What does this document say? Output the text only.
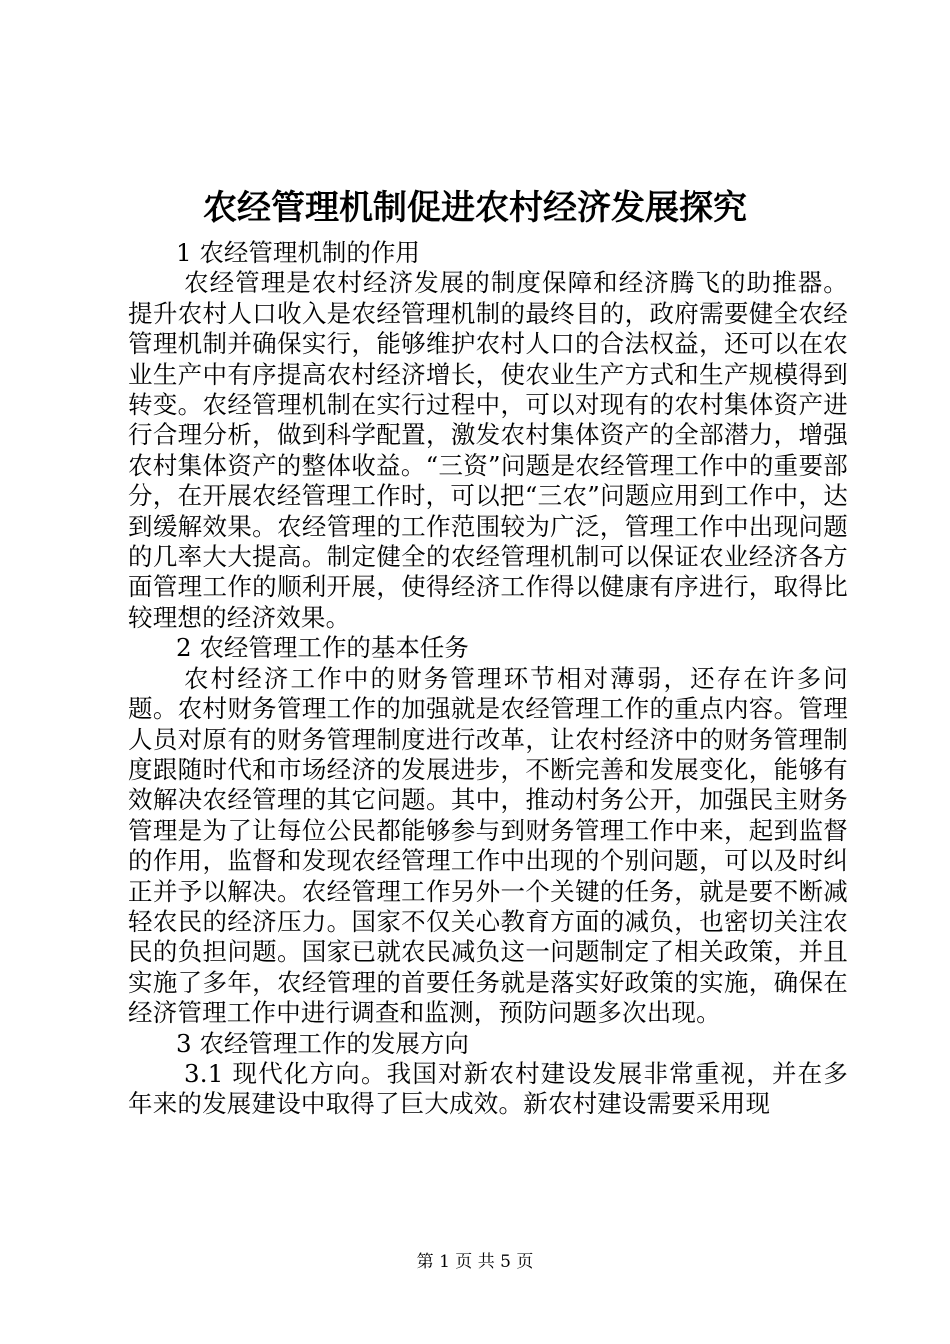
农经管理机制促进农村经济发展探究

1 农经管理机制的作用

农经管理是农村经济发展的制度保障和经济腾飞的助推器。提升农村人口收入是农经管理机制的最终目的，政府需要健全农经管理机制并确保实行，能够维护农村人口的合法权益，还可以在农业生产中有序提高农村经济增长，使农业生产方式和生产规模得到转变。农经管理机制在实行过程中，可以对现有的农村集体资产进行合理分析，做到科学配置，激发农村集体资产的全部潜力，增强农村集体资产的整体收益。“三资”问题是农经管理工作中的重要部分，在开展农经管理工作时，可以把“三农”问题应用到工作中，达到缓解效果。农经管理的工作范围较为广泛，管理工作中出现问题的几率大大提高。制定健全的农经管理机制可以保证农业经济各方面管理工作的顺利开展，使得经济工作得以健康有序进行，取得比较理想的经济效果。

2 农经管理工作的基本任务

农村经济工作中的财务管理环节相对薄弱，还存在许多问题。农村财务管理工作的加强就是农经管理工作的重点内容。管理人员对原有的财务管理制度进行改革，让农村经济中的财务管理制度跟随时代和市场经济的发展进步，不断完善和发展变化，能够有效解决农经管理的其它问题。其中，推动村务公开，加强民主财务管理是为了让每位公民都能够参与到财务管理工作中来，起到监督的作用，监督和发现农经管理工作中出现的个别问题，可以及时纠正并予以解决。农经管理工作另外一个关键的任务，就是要不断减轻农民的经济压力。国家不仅关心教育方面的减负，也密切关注农民的负担问题。国家已就农民减负这一问题制定了相关政策，并且实施了多年，农经管理的首要任务就是落实好政策的实施，确保在经济管理工作中进行调查和监测，预防问题多次出现。

3 农经管理工作的发展方向

3.1 现代化方向。我国对新农村建设发展非常重视，并在多年来的发展建设中取得了巨大成效。新农村建设需要采用现

第 1 页 共 5 页
